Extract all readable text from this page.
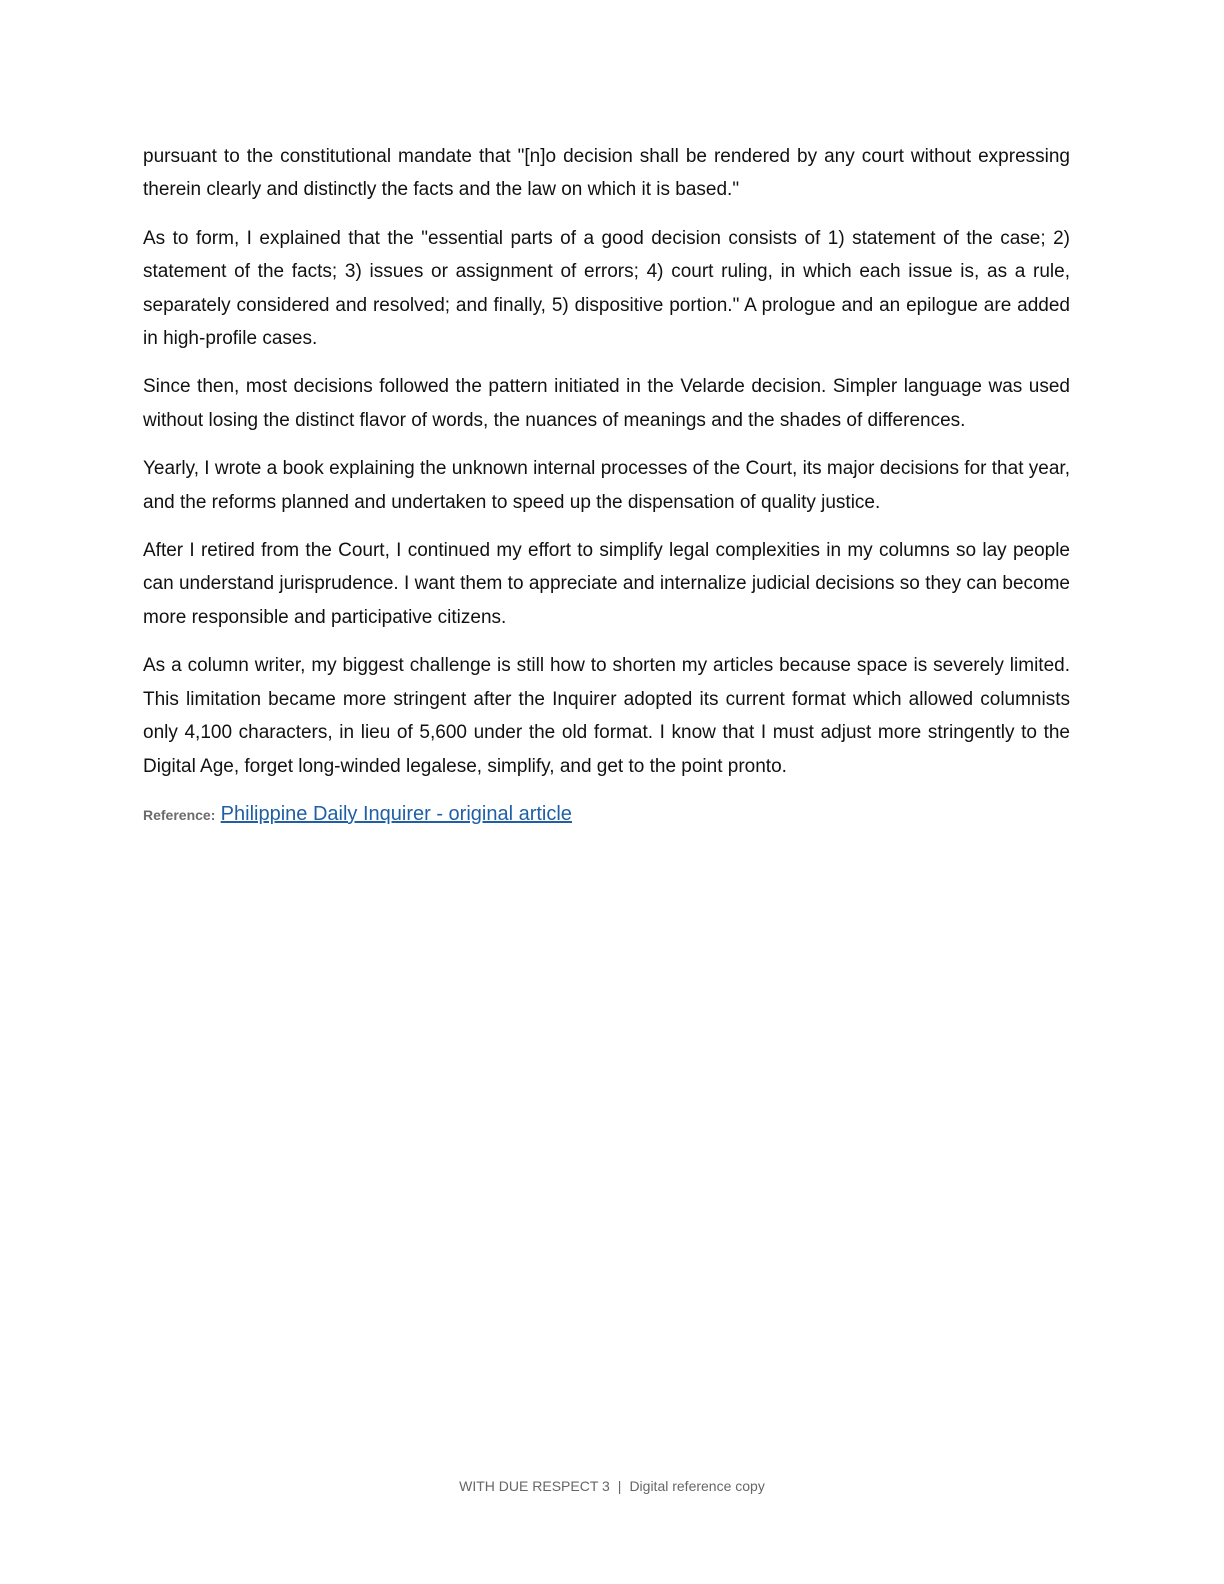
pursuant to the constitutional mandate that "[n]o decision shall be rendered by any court without expressing therein clearly and distinctly the facts and the law on which it is based."

As to form, I explained that the "essential parts of a good decision consists of 1) statement of the case; 2) statement of the facts; 3) issues or assignment of errors; 4) court ruling, in which each issue is, as a rule, separately considered and resolved; and finally, 5) dispositive portion." A prologue and an epilogue are added in high-profile cases.

Since then, most decisions followed the pattern initiated in the Velarde decision. Simpler language was used without losing the distinct flavor of words, the nuances of meanings and the shades of differences.

Yearly, I wrote a book explaining the unknown internal processes of the Court, its major decisions for that year, and the reforms planned and undertaken to speed up the dispensation of quality justice.

After I retired from the Court, I continued my effort to simplify legal complexities in my columns so lay people can understand jurisprudence. I want them to appreciate and internalize judicial decisions so they can become more responsible and participative citizens.

As a column writer, my biggest challenge is still how to shorten my articles because space is severely limited. This limitation became more stringent after the Inquirer adopted its current format which allowed columnists only 4,100 characters, in lieu of 5,600 under the old format. I know that I must adjust more stringently to the Digital Age, forget long-winded legalese, simplify, and get to the point pronto.

Reference: Philippine Daily Inquirer - original article
WITH DUE RESPECT 3 | Digital reference copy
